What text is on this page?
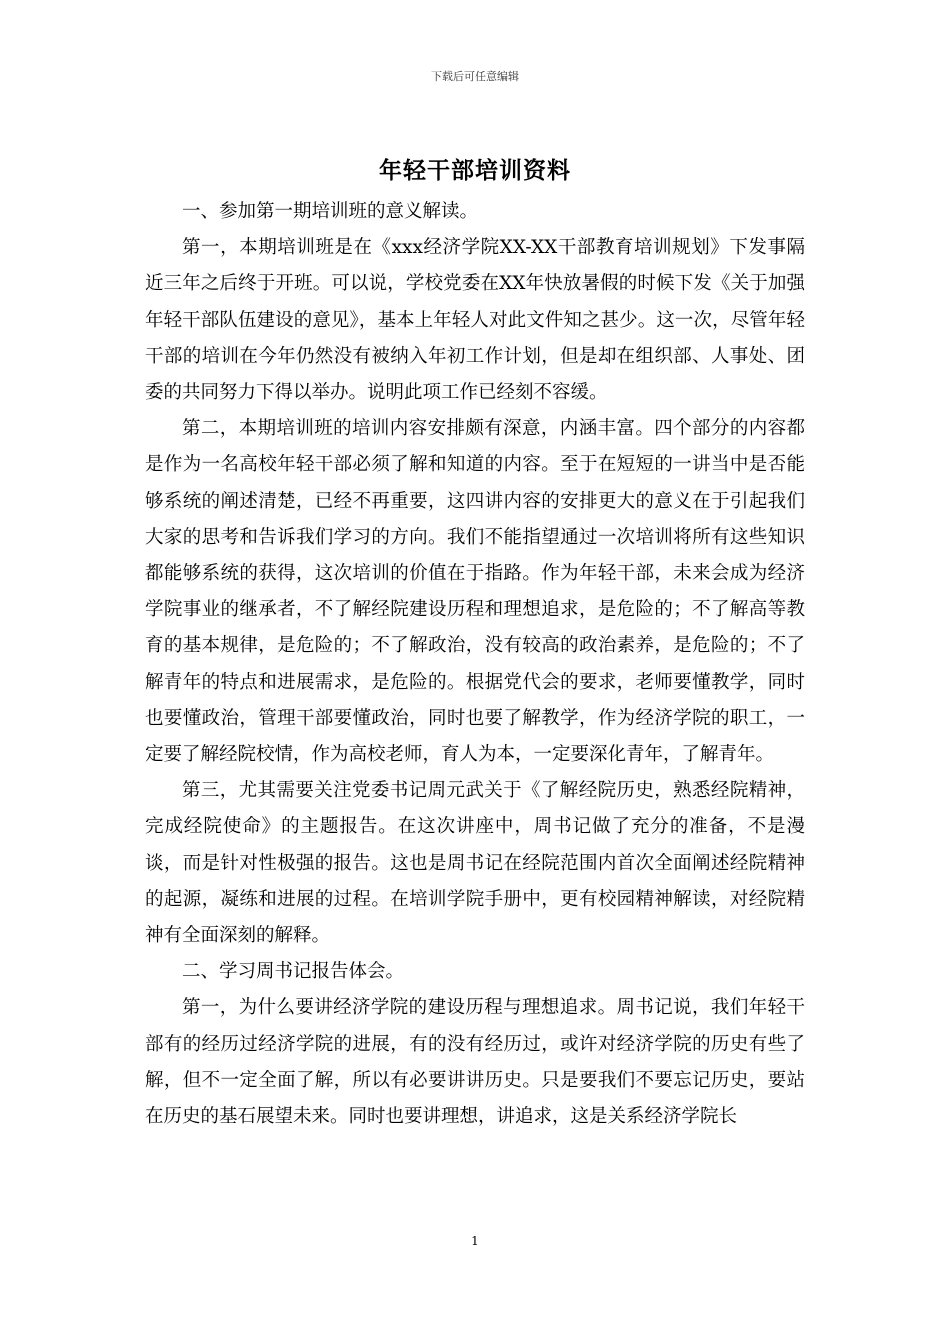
下载后可任意编辑
年轻干部培训资料

一、参加第一期培训班的意义解读。

第一，本期培训班是在《xxx经济学院XX-XX干部教育培训规划》下发事隔近三年之后终于开班。可以说，学校党委在XX年快放暑假的时候下发《关于加强年轻干部队伍建设的意见》，基本上年轻人对此文件知之甚少。这一次，尽管年轻干部的培训在今年仍然没有被纳入年初工作计划，但是却在组织部、人事处、团委的共同努力下得以举办。说明此项工作已经刻不容缓。

第二，本期培训班的培训内容安排颇有深意，内涵丰富。四个部分的内容都是作为一名高校年轻干部必须了解和知道的内容。至于在短短的一讲当中是否能够系统的阐述清楚，已经不再重要，这四讲内容的安排更大的意义在于引起我们大家的思考和告诉我们学习的方向。我们不能指望通过一次培训将所有这些知识都能够系统的获得，这次培训的价值在于指路。作为年轻干部，未来会成为经济学院事业的继承者，不了解经院建设历程和理想追求，是危险的；不了解高等教育的基本规律，是危险的；不了解政治，没有较高的政治素养，是危险的；不了解青年的特点和进展需求，是危险的。根据党代会的要求，老师要懂教学，同时也要懂政治，管理干部要懂政治，同时也要了解教学，作为经济学院的职工，一定要了解经院校情，作为高校老师，育人为本，一定要深化青年，了解青年。

第三，尤其需要关注党委书记周元武关于《了解经院历史，熟悉经院精神，完成经院使命》的主题报告。在这次讲座中，周书记做了充分的准备，不是漫谈，而是针对性极强的报告。这也是周书记在经院范围内首次全面阐述经院精神的起源，凝练和进展的过程。在培训学院手册中，更有校园精神解读，对经院精神有全面深刻的解释。

二、学习周书记报告体会。

第一，为什么要讲经济学院的建设历程与理想追求。周书记说，我们年轻干部有的经历过经济学院的进展，有的没有经历过，或许对经济学院的历史有些了解，但不一定全面了解，所以有必要讲讲历史。只是要我们不要忘记历史，要站在历史的基石展望未来。同时也要讲理想，讲追求，这是关系经济学院长

1
